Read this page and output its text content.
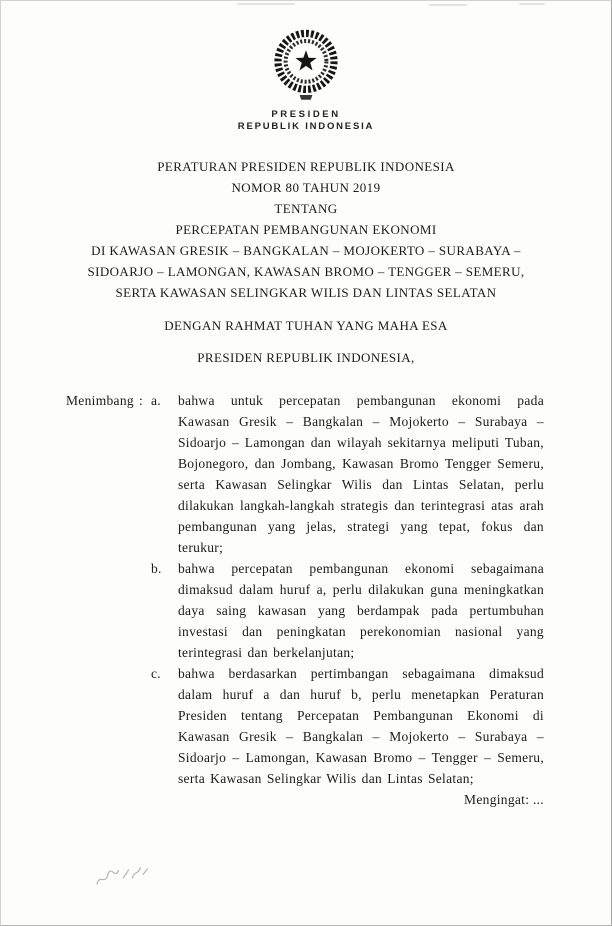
PRESIDEN
REPUBLIK INDONESIA
PERATURAN PRESIDEN REPUBLIK INDONESIA
NOMOR 80 TAHUN 2019
TENTANG
PERCEPATAN PEMBANGUNAN EKONOMI
DI KAWASAN GRESIK – BANGKALAN – MOJOKERTO – SURABAYA –
SIDOARJO – LAMONGAN, KAWASAN BROMO – TENGGER – SEMERU,
SERTA KAWASAN SELINGKAR WILIS DAN LINTAS SELATAN
DENGAN RAHMAT TUHAN YANG MAHA ESA
PRESIDEN REPUBLIK INDONESIA,
Menimbang : a.	bahwa untuk percepatan pembangunan ekonomi pada Kawasan Gresik – Bangkalan – Mojokerto – Surabaya – Sidoarjo – Lamongan dan wilayah sekitarnya meliputi Tuban, Bojonegoro, dan Jombang, Kawasan Bromo Tengger Semeru, serta Kawasan Selingkar Wilis dan Lintas Selatan, perlu dilakukan langkah-langkah strategis dan terintegrasi atas arah pembangunan yang jelas, strategi yang tepat, fokus dan terukur;
b.	bahwa percepatan pembangunan ekonomi sebagaimana dimaksud dalam huruf a, perlu dilakukan guna meningkatkan daya saing kawasan yang berdampak pada pertumbuhan investasi dan peningkatan perekonomian nasional yang terintegrasi dan berkelanjutan;
c.	bahwa berdasarkan pertimbangan sebagaimana dimaksud dalam huruf a dan huruf b, perlu menetapkan Peraturan Presiden tentang Percepatan Pembangunan Ekonomi di Kawasan Gresik – Bangkalan – Mojokerto – Surabaya – Sidoarjo – Lamongan, Kawasan Bromo – Tengger – Semeru, serta Kawasan Selingkar Wilis dan Lintas Selatan;
Mengingat: ...
